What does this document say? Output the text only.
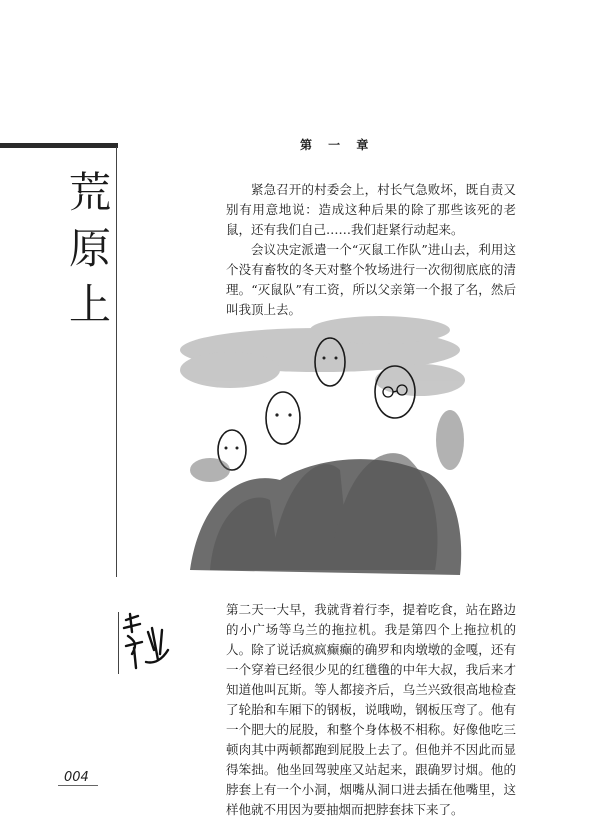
荒
原
上
第 一 章

紧急召开的村委会上，村长气急败坏，既自责又别有用意地说：造成这种后果的除了那些该死的老鼠，还有我们自己……我们赶紧行动起来。

会议决定派遣一个“灭鼠工作队”进山去，利用这个没有畜牧的冬天对整个牧场进行一次彻彻底底的清理。“灭鼠队”有工资，所以父亲第一个报了名，然后叫我顶上去。

第二天一大早，我就背着行李，提着吃食，站在路边的小广场等乌兰的拖拉机。我是第四个上拖拉机的人。除了说话疯疯癫癫的确罗和肉墩墩的金嘎，还有一个穿着已经很少见的红氆氇的中年大叔，我后来才知道他叫瓦斯。等人都接齐后，乌兰兴致很高地检查了轮胎和车厢下的钢板，说哦呦，钢板压弯了。他有一个肥大的屁股，和整个身体极不相称。好像他吃三顿肉其中两顿都跑到屁股上去了。但他并不因此而显得笨拙。他坐回驾驶座又站起来，跟确罗讨烟。他的脖套上有一个小洞，烟嘴从洞口进去插在他嘴里，这样他就不用因为要抽烟而把脖套抹下来了。

004
